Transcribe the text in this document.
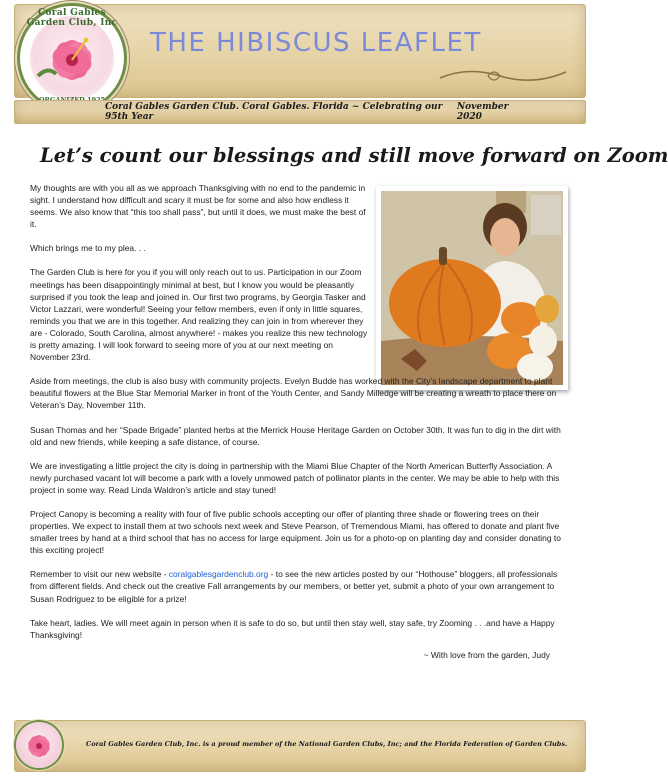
Coral Gables Garden Club, Inc
THE HIBISCUS LEAFLET
Coral Gables Garden Club. Coral Gables. Florida ~ Celebrating our 95th Year
November 2020
Let’s count our blessings and still move forward on Zoom

My thoughts are with you all as we approach Thanksgiving with no end to the pandemic in sight. I understand how difficult and scary it must be for some and also how endless it seems. We also know that “this too shall pass”, but until it does, we must make the best of it.

Which brings me to my plea. . .

The Garden Club is here for you if you will only reach out to us. Participation in our Zoom meetings has been disappointingly minimal at best, but I know you would be pleasantly surprised if you took the leap and joined in. Our first two programs, by Georgia Tasker and Victor Lazzari, were wonderful! Seeing your fellow members, even if only in little squares, reminds you that we are in this together. And realizing they can join in from wherever they are - Colorado, South Carolina, almost anywhere! - makes you realize this new technology is pretty amazing. I will look forward to seeing more of you at our next meeting on November 23rd.

Aside from meetings, the club is also busy with community projects. Evelyn Budde has worked with the City’s landscape department to plant beautiful flowers at the Blue Star Memorial Marker in front of the Youth Center, and Sandy Milledge will be creating a wreath to place there on Veteran’s Day, November 11th.

Susan Thomas and her “Spade Brigade” planted herbs at the Merrick House Heritage Garden on October 30th. It was fun to dig in the dirt with old and new friends, while keeping a safe distance, of course.

We are investigating a little project the city is doing in partnership with the Miami Blue Chapter of the North American Butterfly Association. A newly purchased vacant lot will become a park with a lovely unmowed patch of pollinator plants in the center. We may be able to help with this project in some way. Read Linda Waldron’s article and stay tuned!

Project Canopy is becoming a reality with four of five public schools accepting our offer of planting three shade or flowering trees on their properties. We expect to install them at two schools next week and Steve Pearson, of Tremendous Miami, has offered to donate and plant five smaller trees by hand at a third school that has no access for large equipment. Join us for a photo-op on planting day and consider donating to this exciting project!

Remember to visit our new website - coralgablesgardenclub.org - to see the new articles posted by our “Hothouse” bloggers, all professionals from different fields. And check out the creative Fall arrangements by our members, or better yet, submit a photo of your own arrangement to Susan Rodriguez to be eligible for a prize!

Take heart, ladies. We will meet again in person when it is safe to do so, but until then stay well, stay safe, try Zooming . . .and have a Happy Thanksgiving!

~ With love from the garden, Judy

Coral Gables Garden Club, Inc. is a proud member of the National Garden Clubs, Inc; and the Florida Federation of Garden Clubs.
